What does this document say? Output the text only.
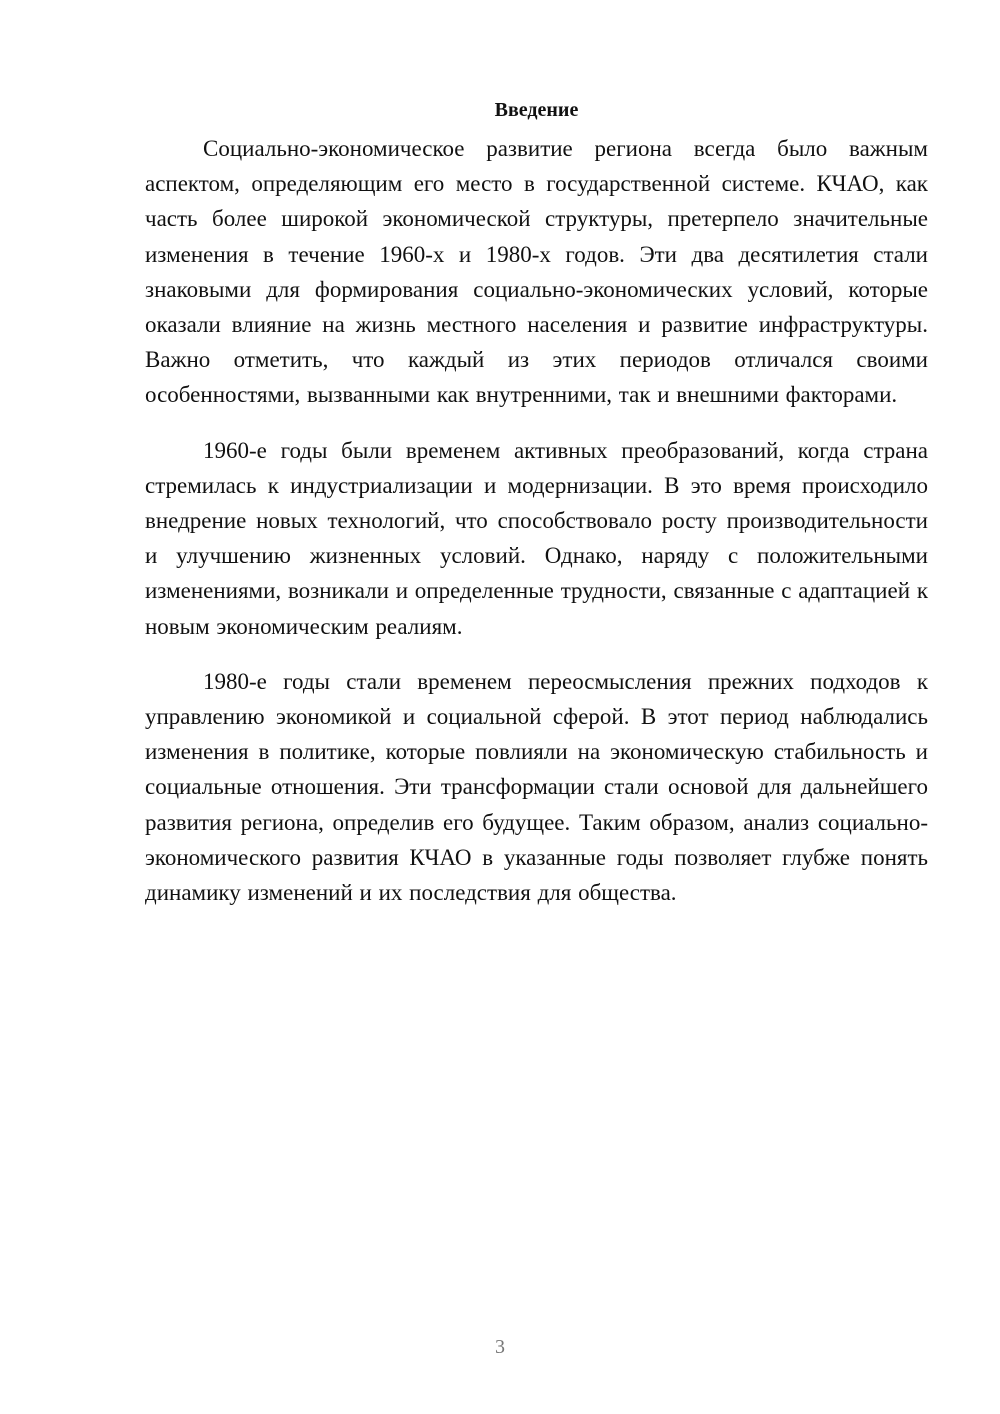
Введение

Социально-экономическое развитие региона всегда было важным аспектом, определяющим его место в государственной системе. КЧАО, как часть более широкой экономической структуры, претерпело значительные изменения в течение 1960-х и 1980-х годов. Эти два десятилетия стали знаковыми для формирования социально-экономических условий, которые оказали влияние на жизнь местного населения и развитие инфраструктуры. Важно отметить, что каждый из этих периодов отличался своими особенностями, вызванными как внутренними, так и внешними факторами.

1960-е годы были временем активных преобразований, когда страна стремилась к индустриализации и модернизации. В это время происходило внедрение новых технологий, что способствовало росту производительности и улучшению жизненных условий. Однако, наряду с положительными изменениями, возникали и определенные трудности, связанные с адаптацией к новым экономическим реалиям.

1980-е годы стали временем переосмысления прежних подходов к управлению экономикой и социальной сферой. В этот период наблюдались изменения в политике, которые повлияли на экономическую стабильность и социальные отношения. Эти трансформации стали основой для дальнейшего развития региона, определив его будущее. Таким образом, анализ социально-экономического развития КЧАО в указанные годы позволяет глубже понять динамику изменений и их последствия для общества.

3
